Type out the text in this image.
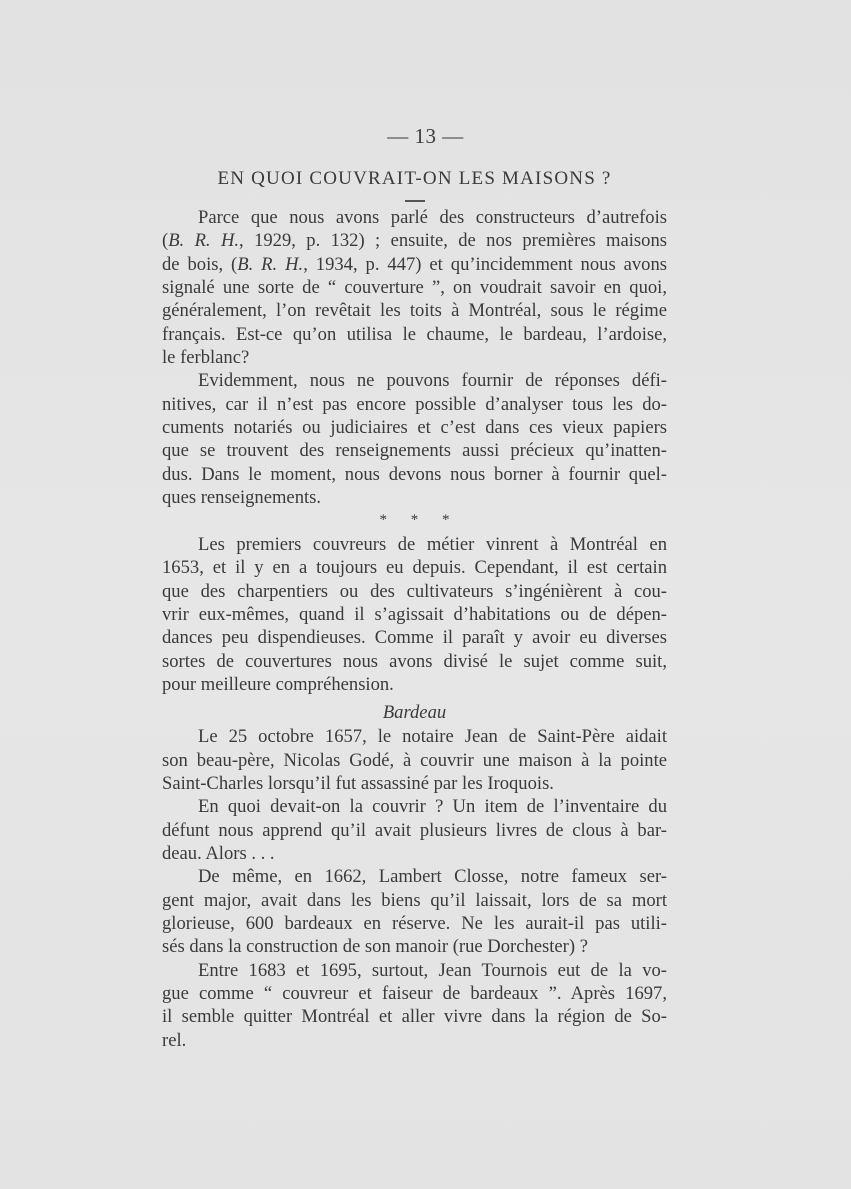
— 13 —
EN QUOI COUVRAIT-ON LES MAISONS ?
Parce que nous avons parlé des constructeurs d’autrefois
(B. R. H., 1929, p. 132) ; ensuite, de nos premières maisons
de bois, (B. R. H., 1934, p. 447) et qu’incidemment nous avons
signalé une sorte de “ couverture ”, on voudrait savoir en quoi,
généralement, l’on revêtait les toits à Montréal, sous le régime
français. Est-ce qu’on utilisa le chaume, le bardeau, l’ardoise,
le ferblanc?
Evidemment, nous ne pouvons fournir de réponses défi-
nitives, car il n’est pas encore possible d’analyser tous les do-
cuments notariés ou judiciaires et c’est dans ces vieux papiers
que se trouvent des renseignements aussi précieux qu’inatten-
dus. Dans le moment, nous devons nous borner à fournir quel-
ques renseignements.
* * *
Les premiers couvreurs de métier vinrent à Montréal en
1653, et il y en a toujours eu depuis. Cependant, il est certain
que des charpentiers ou des cultivateurs s’ingénièrent à cou-
vrir eux-mêmes, quand il s’agissait d’habitations ou de dépen-
dances peu dispendieuses. Comme il paraît y avoir eu diverses
sortes de couvertures nous avons divisé le sujet comme suit,
pour meilleure compréhension.
Bardeau
Le 25 octobre 1657, le notaire Jean de Saint-Père aidait
son beau-père, Nicolas Godé, à couvrir une maison à la pointe
Saint-Charles lorsqu’il fut assassiné par les Iroquois.
En quoi devait-on la couvrir ? Un item de l’inventaire du
défunt nous apprend qu’il avait plusieurs livres de clous à bar-
deau. Alors . . .
De même, en 1662, Lambert Closse, notre fameux ser-
gent major, avait dans les biens qu’il laissait, lors de sa mort
glorieuse, 600 bardeaux en réserve. Ne les aurait-il pas utili-
sés dans la construction de son manoir (rue Dorchester) ?
Entre 1683 et 1695, surtout, Jean Tournois eut de la vo-
gue comme “ couvreur et faiseur de bardeaux ”. Après 1697,
il semble quitter Montréal et aller vivre dans la région de So-
rel.
